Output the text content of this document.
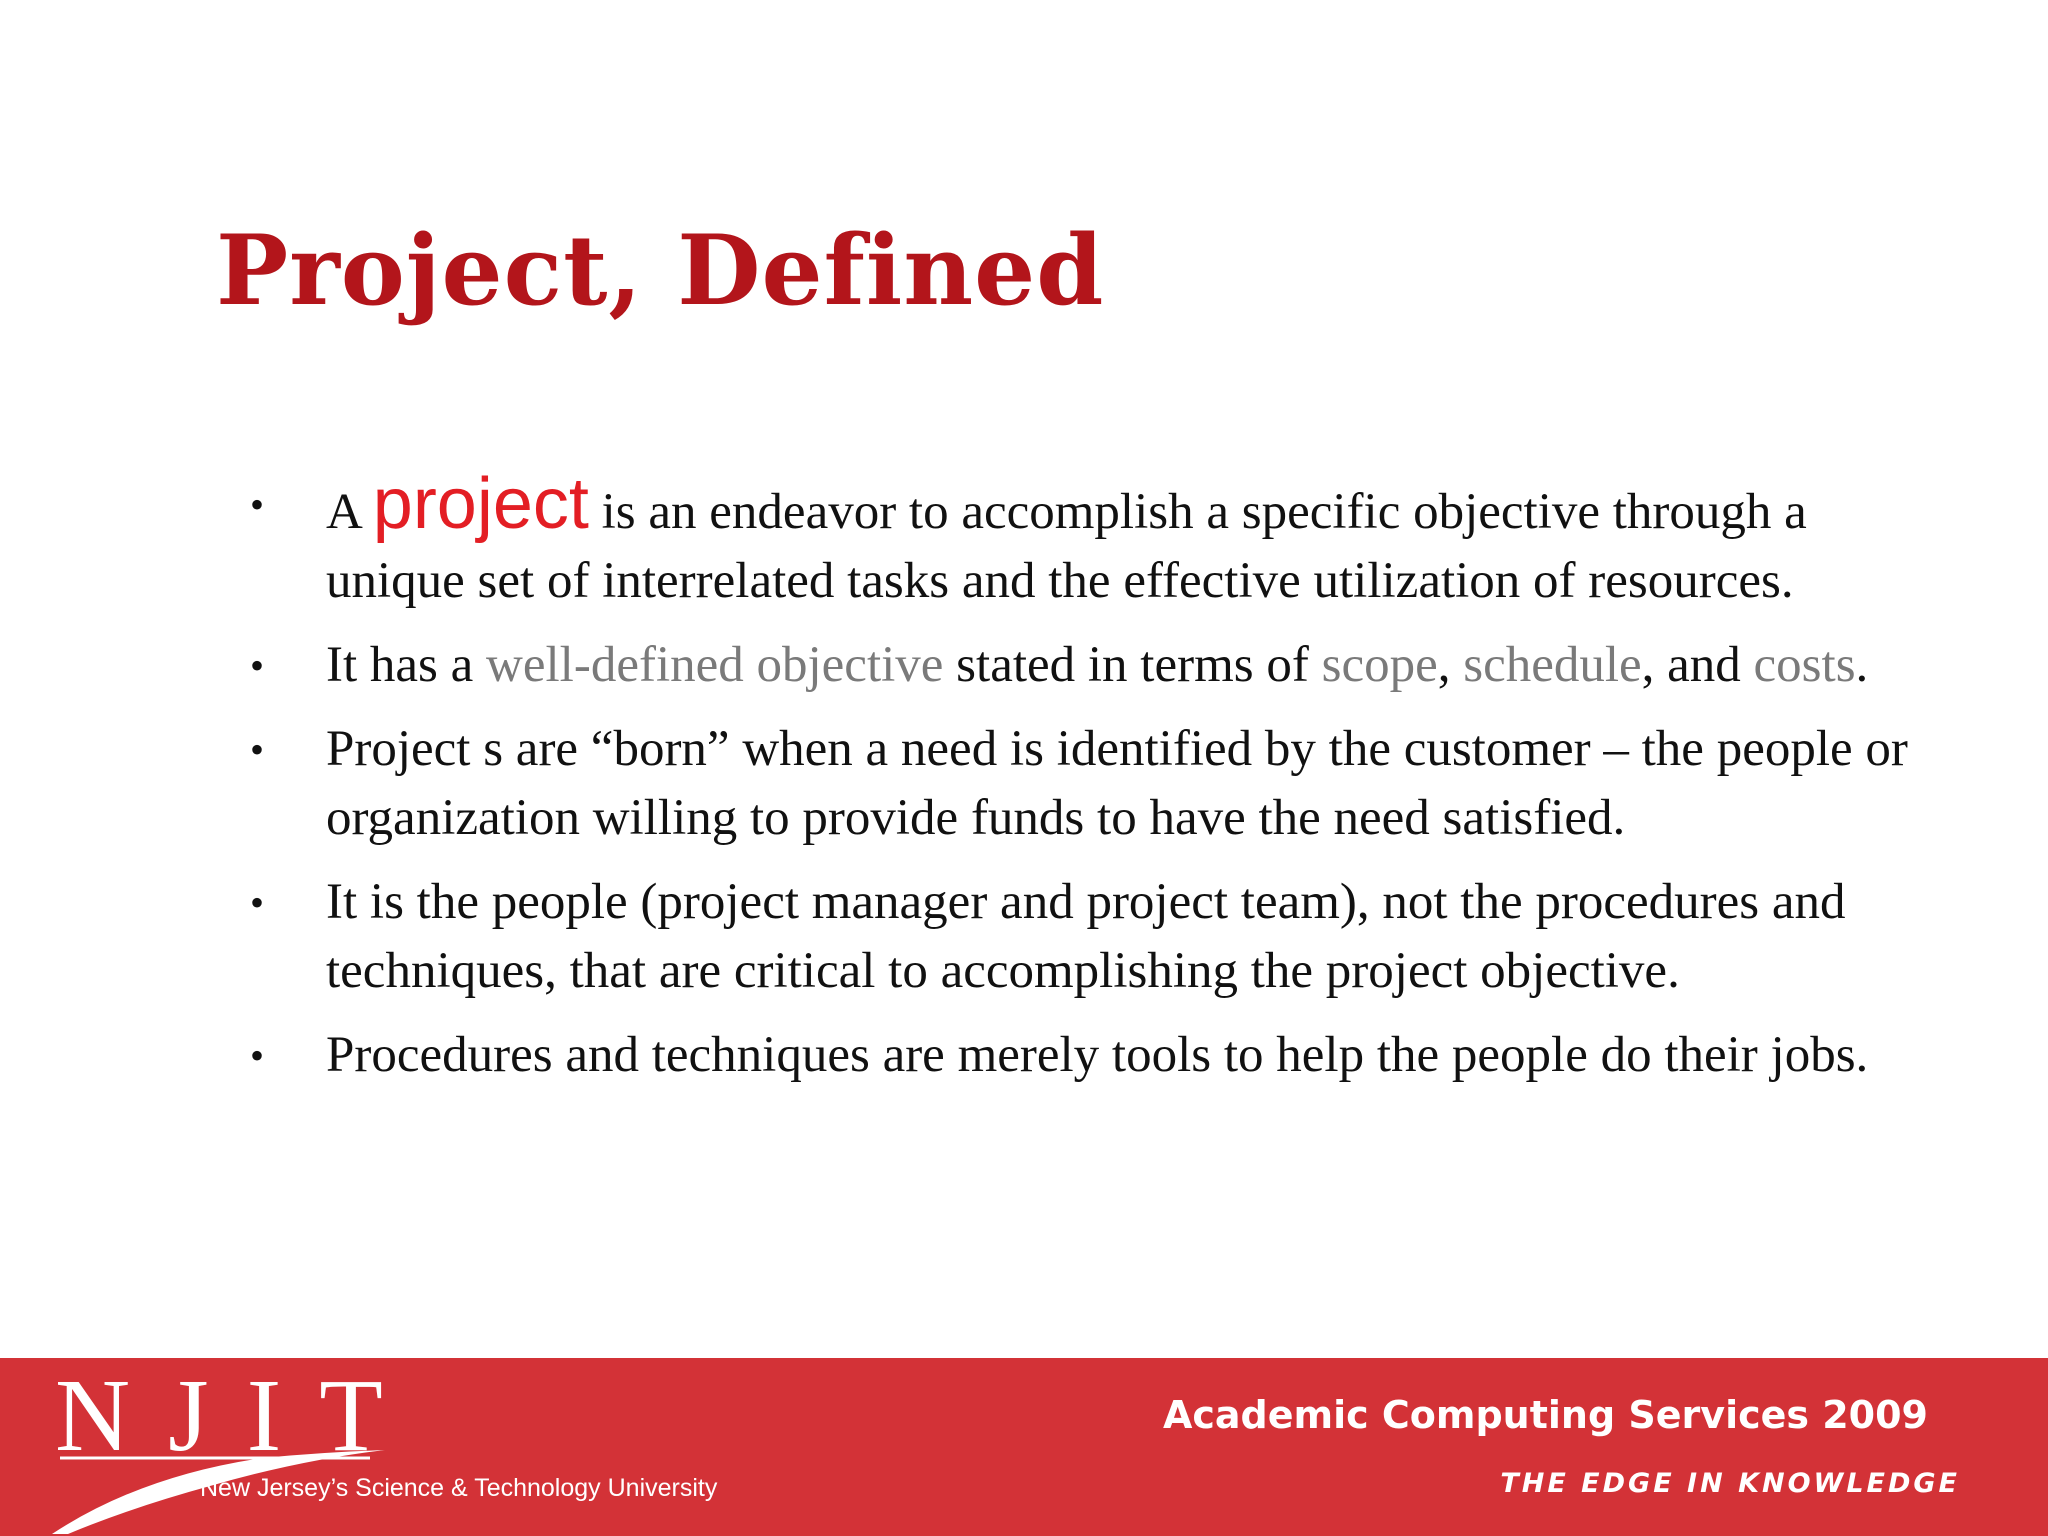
Project, Defined
• A project is an endeavor to accomplish a specific objective through a unique set of interrelated tasks and the effective utilization of resources.
• It has a well-defined objective stated in terms of scope, schedule, and costs.
• Project s are “born” when a need is identified by the customer – the people or organization willing to provide funds to have the need satisfied.
• It is the people (project manager and project team), not the procedures and techniques, that are critical to accomplishing the project objective.
• Procedures and techniques are merely tools to help the people do their jobs.

NJIT

New Jersey’s Science & Technology University

Academic Computing Services 2009

THE EDGE IN KNOWLEDGE
